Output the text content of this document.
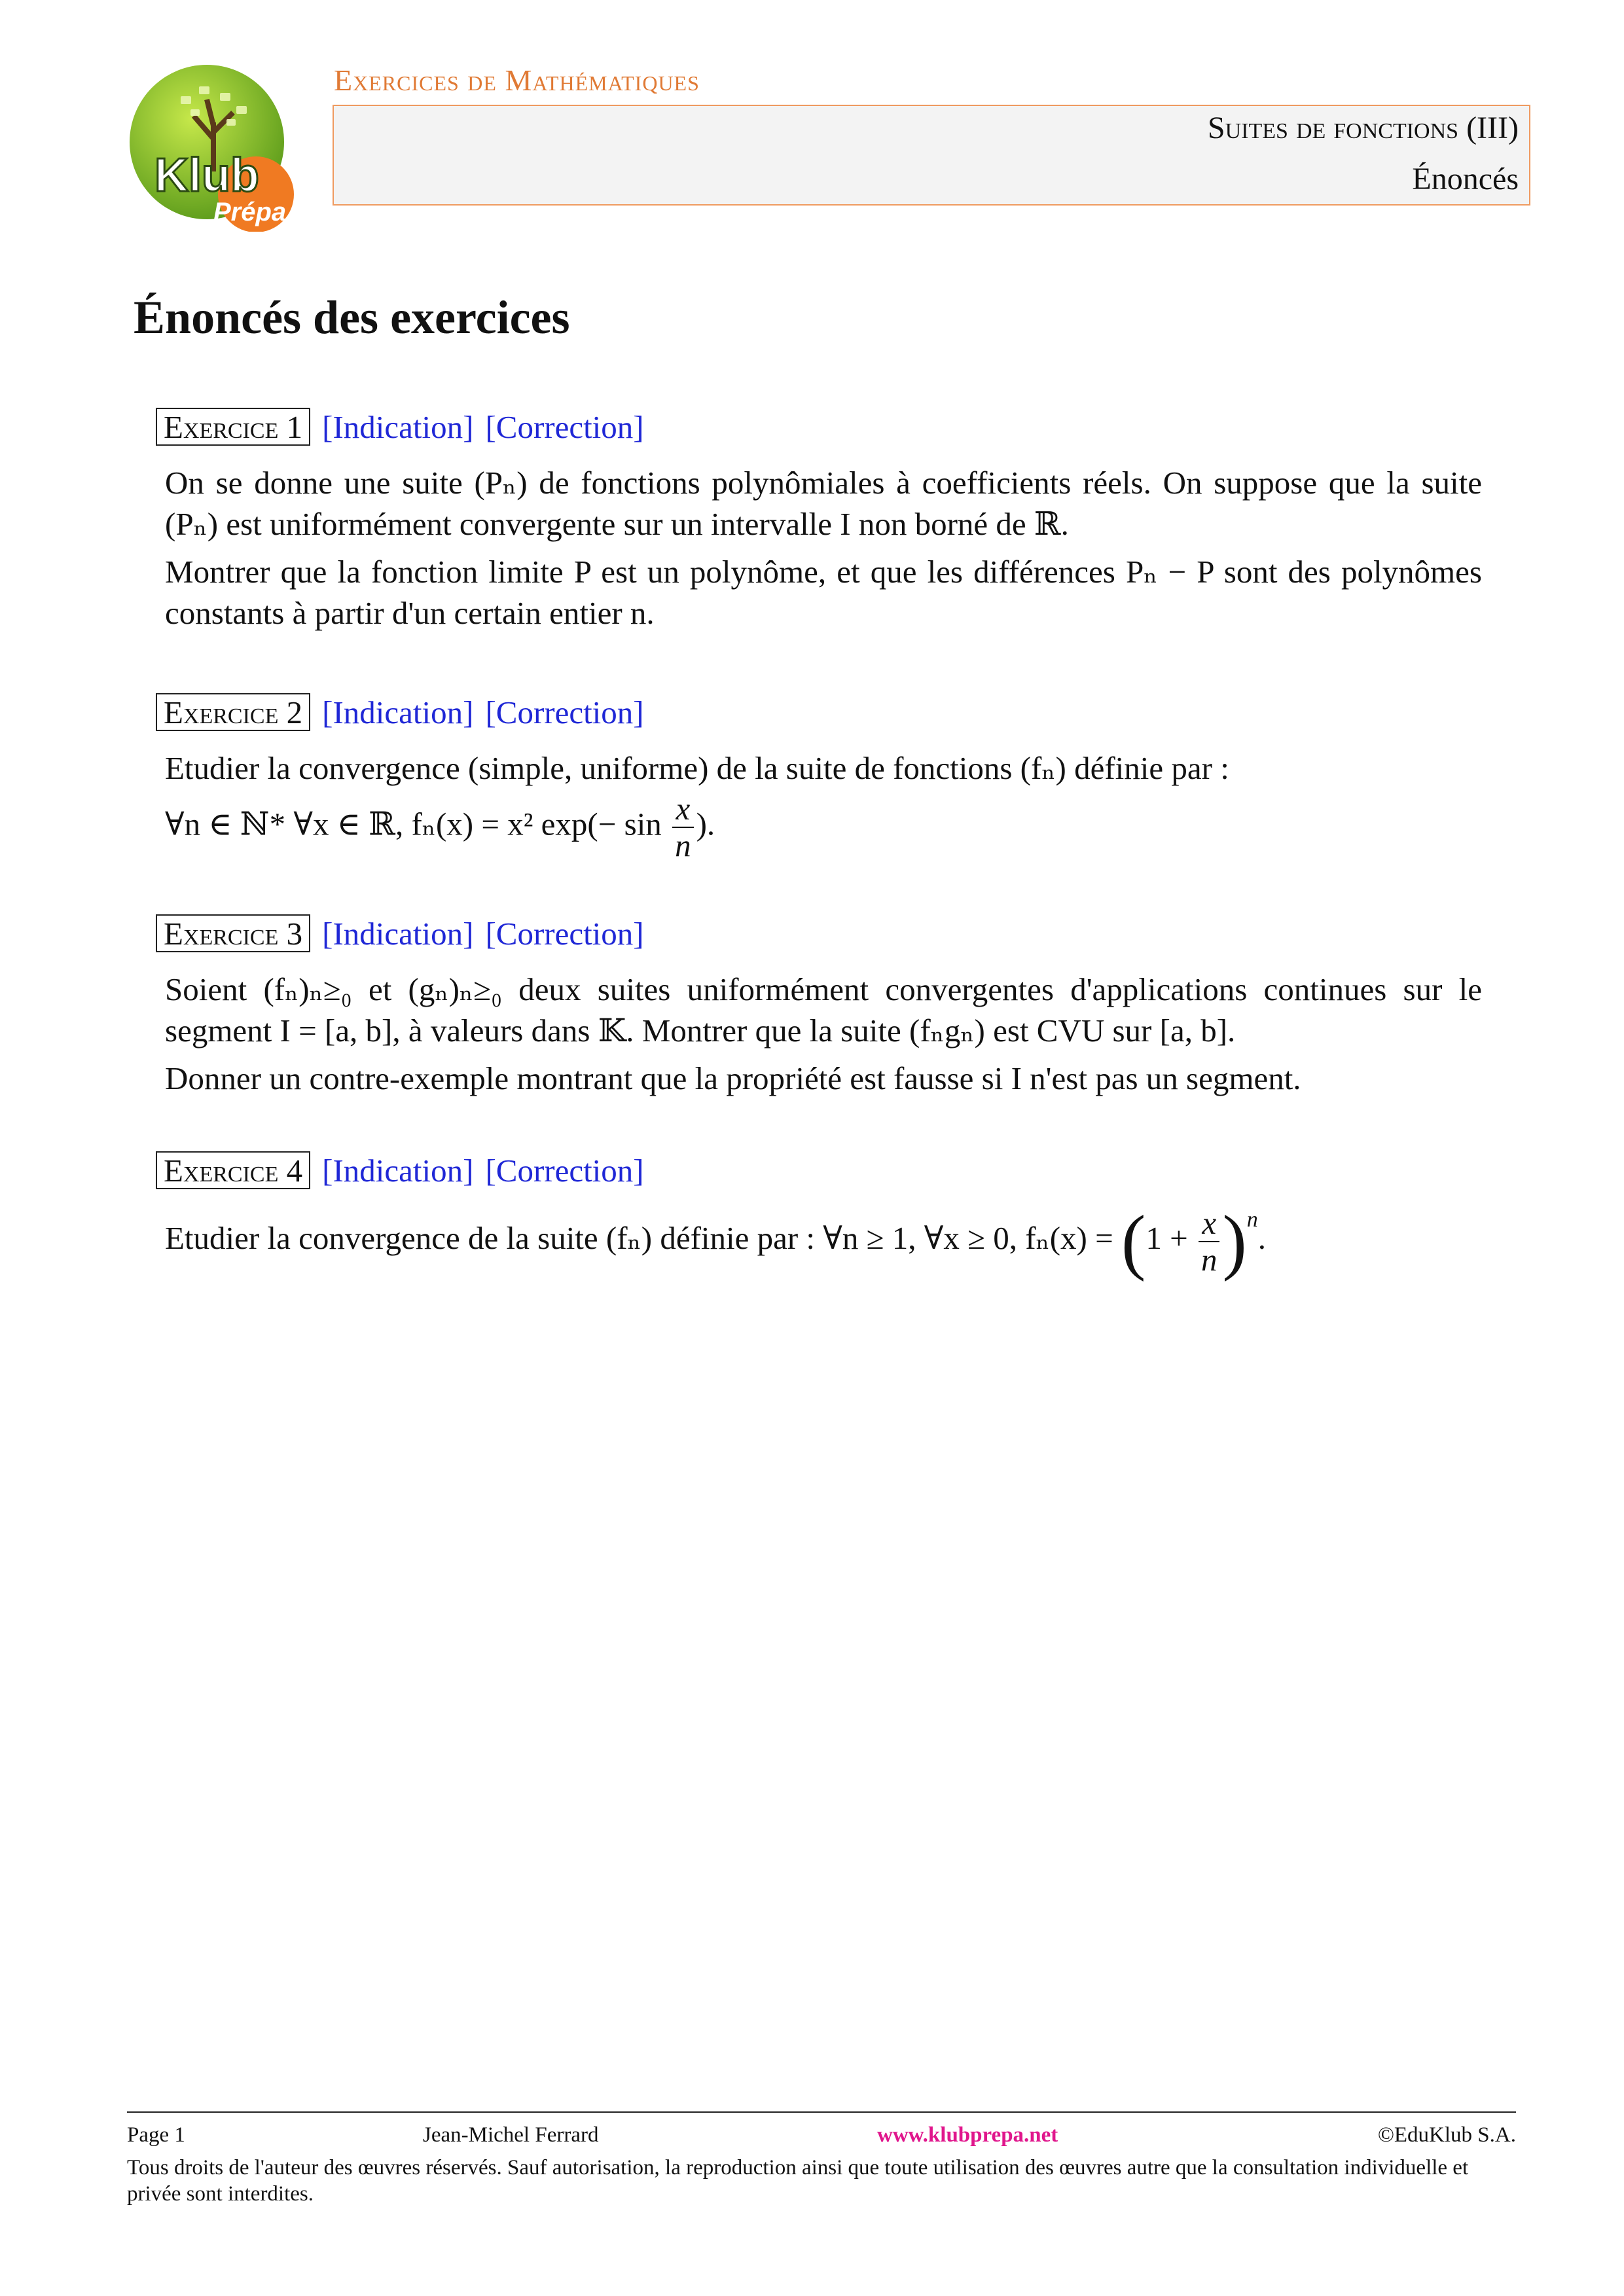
Klub
Prépa
Exercices de Mathématiques
Suites de fonctions (III)
Énoncés
Énoncés des exercices
Exercice 1 [Indication] [Correction]

On se donne une suite (Pₙ) de fonctions polynômiales à coefficients réels. On suppose que la suite (Pₙ) est uniformément convergente sur un intervalle I non borné de ℝ.

Montrer que la fonction limite P est un polynôme, et que les différences Pₙ − P sont des polynômes constants à partir d'un certain entier n.

Exercice 2 [Indication] [Correction]

Etudier la convergence (simple, uniforme) de la suite de fonctions (fₙ) définie par :

∀n ∈ ℕ* ∀x ∈ ℝ, fₙ(x) = x² $\exp(- \sin \frac{x}{n}$ ).

Exercice 3 [Indication] [Correction]

Soient (fₙ)ₙ≥₀ et (gₙ)ₙ≥₀ deux suites uniformément convergentes d'applications continues sur le segment I = [a, b], à valeurs dans 𝕂. Montrer que la suite (fₙgₙ) est CVU sur [a, b].

Donner un contre-exemple montrant que la propriété est fausse si I n'est pas un segment.

Exercice 4 [Indication] [Correction]

Etudier la convergence de la suite (fₙ) définie par : ∀n ≥ 1, ∀x ≥ 0, $f_n(x) = (1 + \frac{x}{n} )^n$.

Page 1	Jean-Michel Ferrard	www.klubprepa.net	©EduKlub S.A.
Tous droits de l'auteur des œuvres réservés. Sauf autorisation, la reproduction ainsi que toute utilisation des œuvres autre que la consultation individuelle et privée sont interdites.
